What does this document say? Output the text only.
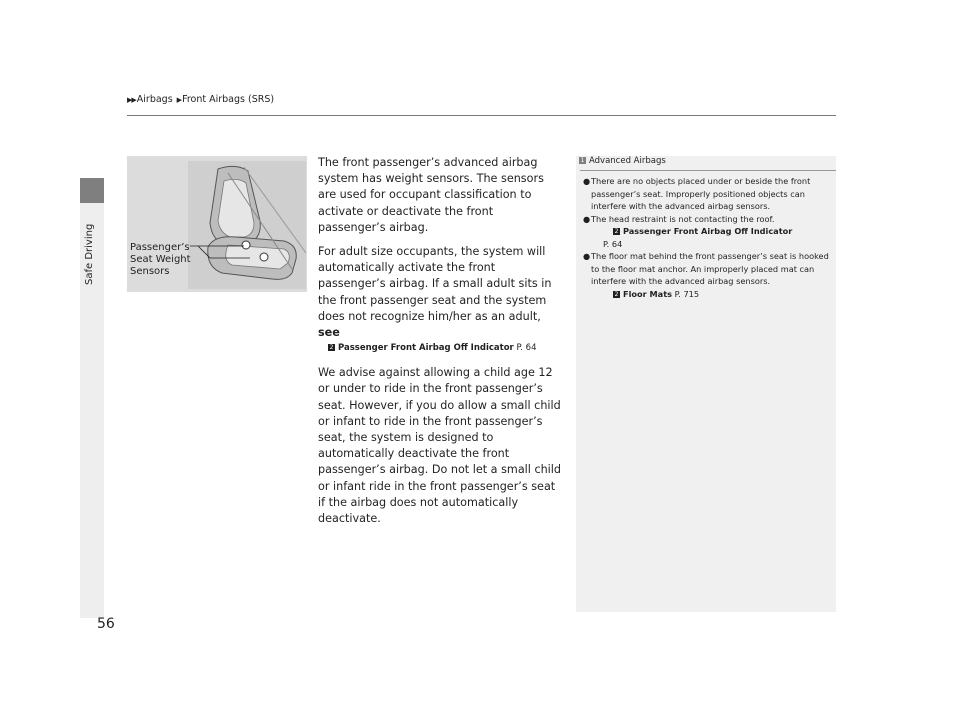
▶▶ Airbags ▶ Front Airbags (SRS)
Safe Driving	Passenger’s
Seat Weight
Sensors

The front passenger’s advanced airbag system has weight sensors. The sensors are used for occupant classification to activate or deactivate the front passenger’s airbag.

For adult size occupants, the system will automatically activate the front passenger’s airbag. If a small adult sits in the front passenger seat and the system does not recognize him/her as an adult, see

2 Passenger Front Airbag Off Indicator P. 64

We advise against allowing a child age 12 or under to ride in the front passenger’s seat. However, if you do allow a small child or infant to ride in the front passenger’s seat, the system is designed to automatically deactivate the front passenger’s airbag. Do not let a small child or infant ride in the front passenger’s seat if the airbag does not automatically deactivate.

1 Advanced Airbags
● There are no objects placed under or beside the front passenger’s seat. Improperly positioned objects can interfere with the advanced airbag sensors.
● The head restraint is not contacting the roof.
2 Passenger Front Airbag Off Indicator
P. 64
● The floor mat behind the front passenger’s seat is hooked to the floor mat anchor. An improperly placed mat can interfere with the advanced airbag sensors.
2 Floor Mats P. 715
56
